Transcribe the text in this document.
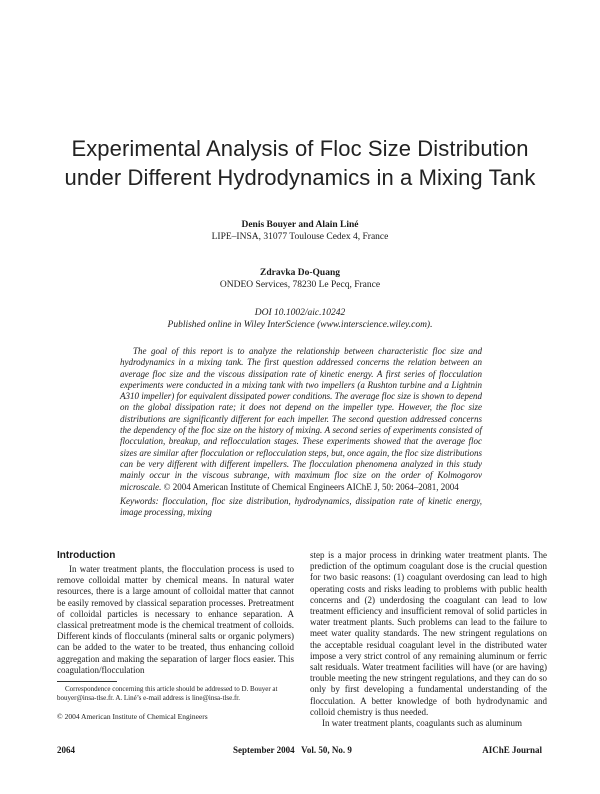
Experimental Analysis of Floc Size Distribution
under Different Hydrodynamics in a Mixing Tank

Denis Bouyer and Alain Liné

LIPE–INSA, 31077 Toulouse Cedex 4, France

Zdravka Do-Quang

ONDEO Services, 78230 Le Pecq, France

DOI 10.1002/aic.10242
Published online in Wiley InterScience (www.interscience.wiley.com).

The goal of this report is to analyze the relationship between characteristic floc size and hydrodynamics in a mixing tank. The first question addressed concerns the relation between an average floc size and the viscous dissipation rate of kinetic energy. A first series of flocculation experiments were conducted in a mixing tank with two impellers (a Rushton turbine and a Lightnin A310 impeller) for equivalent dissipated power conditions. The average floc size is shown to depend on the global dissipation rate; it does not depend on the impeller type. However, the floc size distributions are significantly different for each impeller. The second question addressed concerns the dependency of the floc size on the history of mixing. A second series of experiments consisted of flocculation, breakup, and reflocculation stages. These experiments showed that the average floc sizes are similar after flocculation or reflocculation steps, but, once again, the floc size distributions can be very different with different impellers. The flocculation phenomena analyzed in this study mainly occur in the viscous subrange, with maximum floc size on the order of Kolmogorov microscale. © 2004 American Institute of Chemical Engineers AIChE J, 50: 2064–2081, 2004

Keywords: flocculation, floc size distribution, hydrodynamics, dissipation rate of kinetic energy, image processing, mixing

Introduction

In water treatment plants, the flocculation process is used to remove colloidal matter by chemical means. In natural water resources, there is a large amount of colloidal matter that cannot be easily removed by classical separation processes. Pretreatment of colloidal particles is necessary to enhance separation. A classical pretreatment mode is the chemical treatment of colloids. Different kinds of flocculants (mineral salts or organic polymers) can be added to the water to be treated, thus enhancing colloid aggregation and making the separation of larger flocs easier. This coagulation/flocculation

step is a major process in drinking water treatment plants. The prediction of the optimum coagulant dose is the crucial question for two basic reasons: (1) coagulant overdosing can lead to high operating costs and risks leading to problems with public health concerns and (2) underdosing the coagulant can lead to low treatment efficiency and insufficient removal of solid particles in water treatment plants. Such problems can lead to the failure to meet water quality standards. The new stringent regulations on the acceptable residual coagulant level in the distributed water impose a very strict control of any remaining aluminum or ferric salt residuals. Water treatment facilities will have (or are having) trouble meeting the new stringent regulations, and they can do so only by first developing a fundamental understanding of the flocculation. A better knowledge of both hydrodynamic and colloid chemistry is thus needed.

In water treatment plants, coagulants such as aluminum

Correspondence concerning this article should be addressed to D. Bouyer at bouyer@insa-tlse.fr. A. Liné’s e-mail address is line@insa-tlse.fr.

© 2004 American Institute of Chemical Engineers

2064	September 2004   Vol. 50, No. 9	AIChE Journal
